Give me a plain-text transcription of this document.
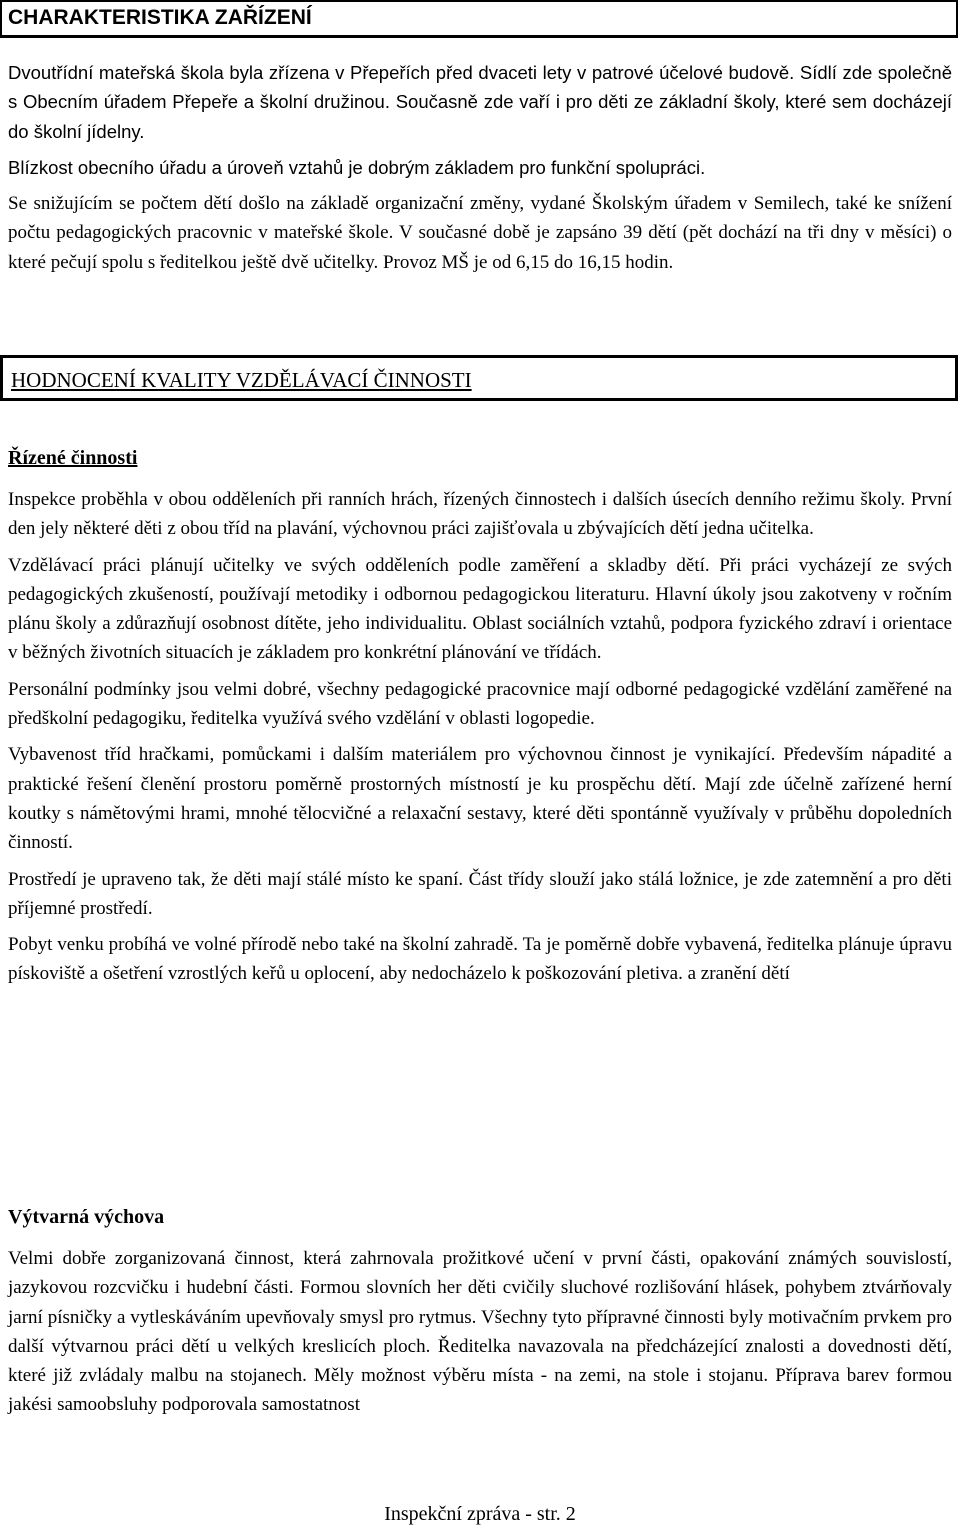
CHARAKTERISTIKA ZAŘÍZENÍ

Dvoutřídní mateřská škola byla zřízena v Přepeřích před dvaceti lety v patrové účelové budově. Sídlí zde společně s Obecním úřadem Přepeře a školní družinou. Současně zde vaří i pro děti ze základní školy, které sem docházejí do školní jídelny.

Blízkost obecního úřadu a úroveň vztahů je dobrým základem pro funkční spolupráci.

Se snižujícím se počtem dětí došlo na základě organizační změny, vydané Školským úřadem v Semilech, také ke snížení počtu pedagogických pracovnic v mateřské škole. V současné době je zapsáno 39 dětí (pět dochází na tři dny v měsíci) o které pečují spolu s ředitelkou ještě dvě učitelky. Provoz MŠ je od 6,15 do 16,15 hodin.

HODNOCENÍ KVALITY VZDĚLÁVACÍ ČINNOSTI
Řízené činnosti

Inspekce proběhla v obou odděleních při ranních hrách, řízených činnostech i dalších úsecích denního režimu školy. První den jely některé děti z obou tříd na plavání, výchovnou práci zajišťovala u zbývajících dětí jedna učitelka.

Vzdělávací práci plánují učitelky ve svých odděleních podle zaměření a skladby dětí. Při práci vycházejí ze svých pedagogických zkušeností, používají metodiky i odbornou pedagogickou literaturu. Hlavní úkoly jsou zakotveny v ročním plánu školy a zdůrazňují osobnost dítěte, jeho individualitu. Oblast sociálních vztahů, podpora fyzického zdraví i orientace v běžných životních situacích je základem pro konkrétní plánování ve třídách.

Personální podmínky jsou velmi dobré, všechny pedagogické pracovnice mají odborné pedagogické vzdělání zaměřené na předškolní pedagogiku, ředitelka využívá svého vzdělání v oblasti logopedie.

Vybavenost tříd hračkami, pomůckami i dalším materiálem pro výchovnou činnost je vynikající. Především nápadité a praktické řešení členění prostoru poměrně prostorných místností je ku prospěchu dětí. Mají zde účelně zařízené herní koutky s námětovými hrami, mnohé tělocvičné a relaxační sestavy, které děti spontánně využívaly v průběhu dopoledních činností.

Prostředí je upraveno tak, že děti mají stálé místo ke spaní. Část třídy slouží jako stálá ložnice, je zde zatemnění a pro děti příjemné prostředí.

Pobyt venku probíhá ve volné přírodě nebo také na školní zahradě. Ta je poměrně dobře vybavená, ředitelka plánuje úpravu pískoviště a ošetření vzrostlých keřů u oplocení, aby nedocházelo k poškozování pletiva. a zranění dětí

Výtvarná výchova

Velmi dobře zorganizovaná činnost, která zahrnovala prožitkové učení v první části, opakování známých souvislostí, jazykovou rozcvičku i hudební části. Formou slovních her děti cvičily sluchové rozlišování hlásek, pohybem ztvárňovaly jarní písničky a vytleskáváním upevňovaly smysl pro rytmus. Všechny tyto přípravné činnosti byly motivačním prvkem pro další výtvarnou práci dětí u velkých kreslicích ploch. Ředitelka navazovala na předcházející znalosti a dovednosti dětí, které již zvládaly malbu na stojanech. Měly možnost výběru místa - na zemi, na stole i stojanu. Příprava barev formou jakési samoobsluhy podporovala samostatnost

Inspekční zpráva - str. 2
